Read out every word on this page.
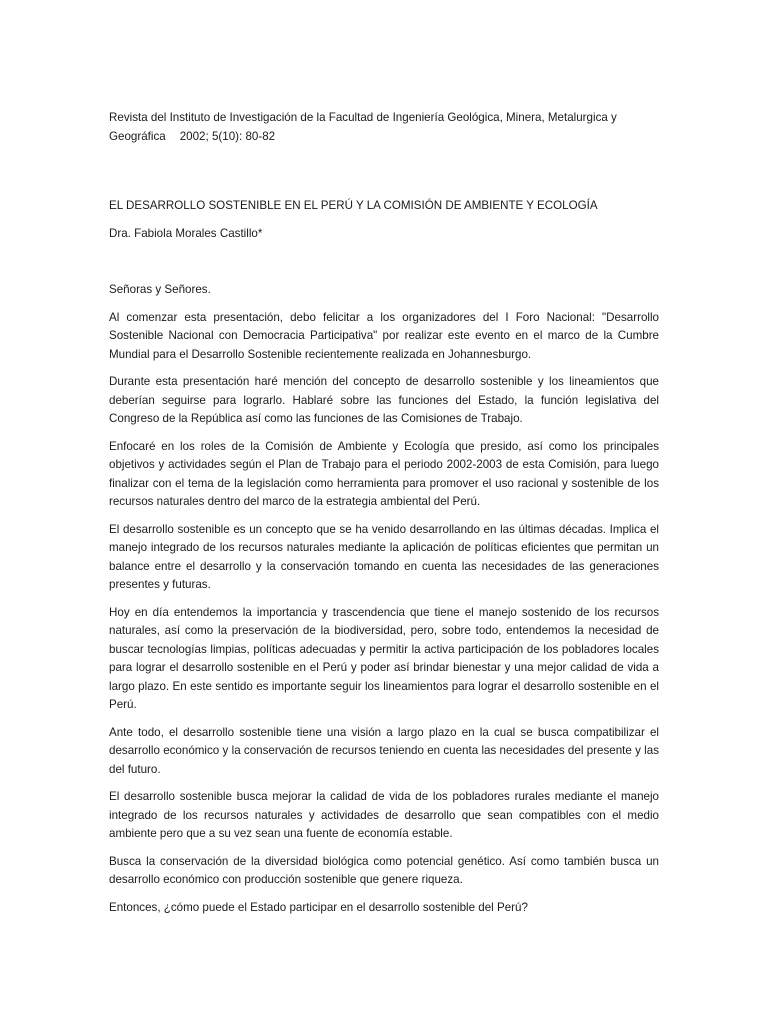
Revista del Instituto de Investigación de la Facultad de Ingeniería Geológica, Minera, Metalurgica y Geográfica 2002; 5(10): 80-82

EL DESARROLLO SOSTENIBLE EN EL PERÚ Y LA COMISIÓN DE AMBIENTE Y ECOLOGÍA

Dra. Fabiola Morales Castillo*

Señoras y Señores.

Al comenzar esta presentación, debo felicitar a los organizadores del I Foro Nacional: "Desarrollo Sostenible Nacional con Democracia Participativa" por realizar este evento en el marco de la Cumbre Mundial para el Desarrollo Sostenible recientemente realizada en Johannesburgo.

Durante esta presentación haré mención del concepto de desarrollo sostenible y los lineamientos que deberían seguirse para lograrlo. Hablaré sobre las funciones del Estado, la función legislativa del Congreso de la República así como las funciones de las Comisiones de Trabajo.

Enfocaré en los roles de la Comisión de Ambiente y Ecología que presido, así como los principales objetivos y actividades según el Plan de Trabajo para el periodo 2002-2003 de esta Comisión, para luego finalizar con el tema de la legislación como herramienta para promover el uso racional y sostenible de los recursos naturales dentro del marco de la estrategia ambiental del Perú.

El desarrollo sostenible es un concepto que se ha venido desarrollando en las últimas décadas. Implica el manejo integrado de los recursos naturales mediante la aplicación de políticas eficientes que permitan un balance entre el desarrollo y la conservación tomando en cuenta las necesidades de las generaciones presentes y futuras.

Hoy en día entendemos la importancia y trascendencia que tiene el manejo sostenido de los recursos naturales, así como la preservación de la biodiversidad, pero, sobre todo, entendemos la necesidad de buscar tecnologías limpias, políticas adecuadas y permitir la activa participación de los pobladores locales para lograr el desarrollo sostenible en el Perú y poder así brindar bienestar y una mejor calidad de vida a largo plazo. En este sentido es importante seguir los lineamientos para lograr el desarrollo sostenible en el Perú.

Ante todo, el desarrollo sostenible tiene una visión a largo plazo en la cual se busca compatibilizar el desarrollo económico y la conservación de recursos teniendo en cuenta las necesidades del presente y las del futuro.

El desarrollo sostenible busca mejorar la calidad de vida de los pobladores rurales mediante el manejo integrado de los recursos naturales y actividades de desarrollo que sean compatibles con el medio ambiente pero que a su vez sean una fuente de economía estable.

Busca la conservación de la diversidad biológica como potencial genético. Así como también busca un desarrollo económico con producción sostenible que genere riqueza.

Entonces, ¿cómo puede el Estado participar en el desarrollo sostenible del Perú?
